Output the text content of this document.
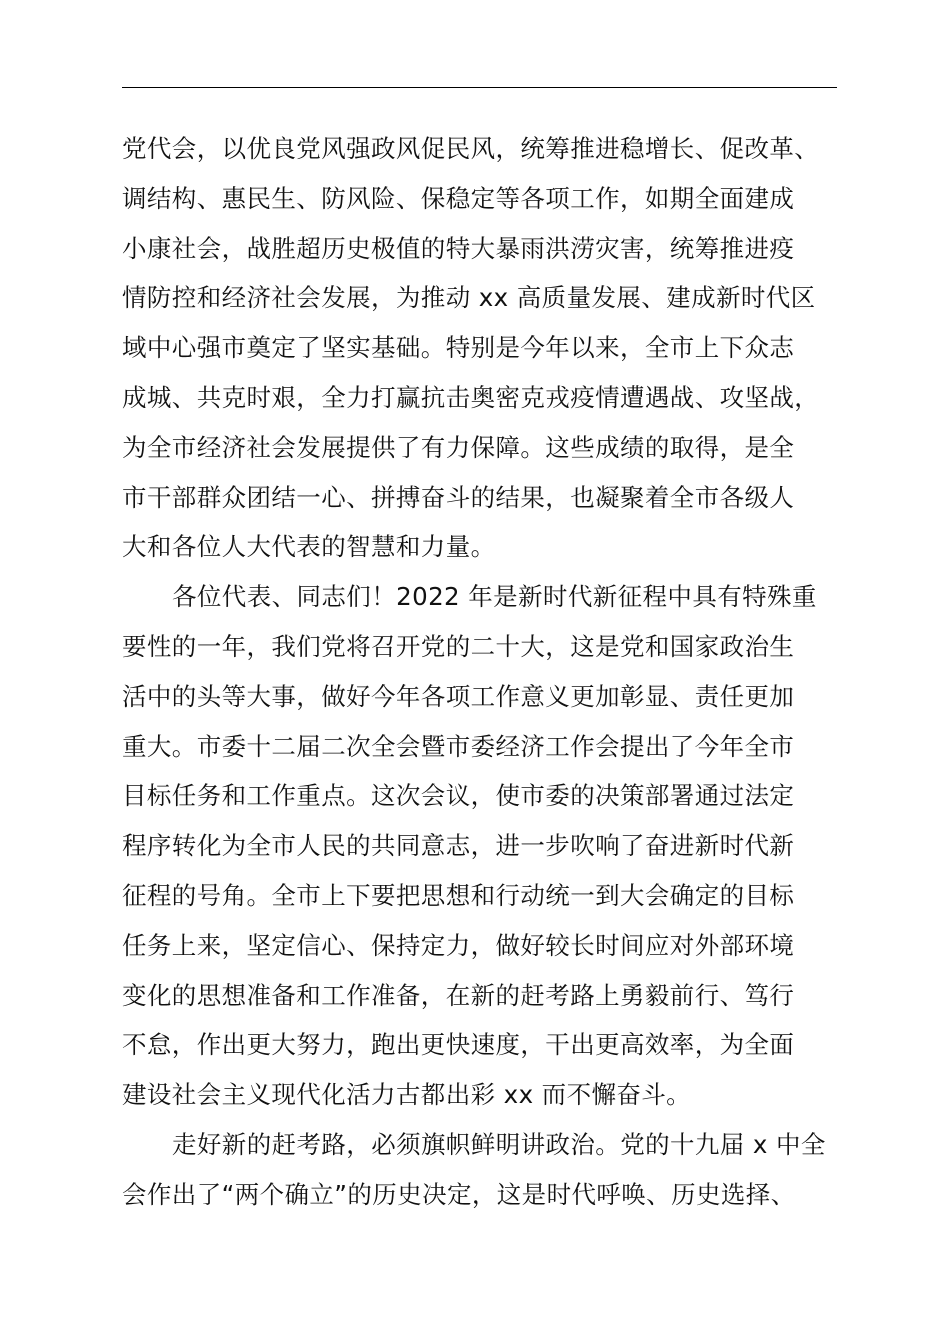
党代会，以优良党风强政风促民风，统筹推进稳增长、促改革、
调结构、惠民生、防风险、保稳定等各项工作，如期全面建成
小康社会，战胜超历史极值的特大暴雨洪涝灾害，统筹推进疫
情防控和经济社会发展，为推动 xx 高质量发展、建成新时代区
域中心强市奠定了坚实基础。特别是今年以来，全市上下众志
成城、共克时艰，全力打赢抗击奥密克戎疫情遭遇战、攻坚战，
为全市经济社会发展提供了有力保障。这些成绩的取得，是全
市干部群众团结一心、拼搏奋斗的结果，也凝聚着全市各级人
大和各位人大代表的智慧和力量。

各位代表、同志们！2022 年是新时代新征程中具有特殊重
要性的一年，我们党将召开党的二十大，这是党和国家政治生
活中的头等大事，做好今年各项工作意义更加彰显、责任更加
重大。市委十二届二次全会暨市委经济工作会提出了今年全市
目标任务和工作重点。这次会议，使市委的决策部署通过法定
程序转化为全市人民的共同意志，进一步吹响了奋进新时代新
征程的号角。全市上下要把思想和行动统一到大会确定的目标
任务上来，坚定信心、保持定力，做好较长时间应对外部环境
变化的思想准备和工作准备，在新的赶考路上勇毅前行、笃行
不怠，作出更大努力，跑出更快速度，干出更高效率，为全面
建设社会主义现代化活力古都出彩 xx 而不懈奋斗。

走好新的赶考路，必须旗帜鲜明讲政治。党的十九届 x 中全
会作出了“两个确立”的历史决定，这是时代呼唤、历史选择、
